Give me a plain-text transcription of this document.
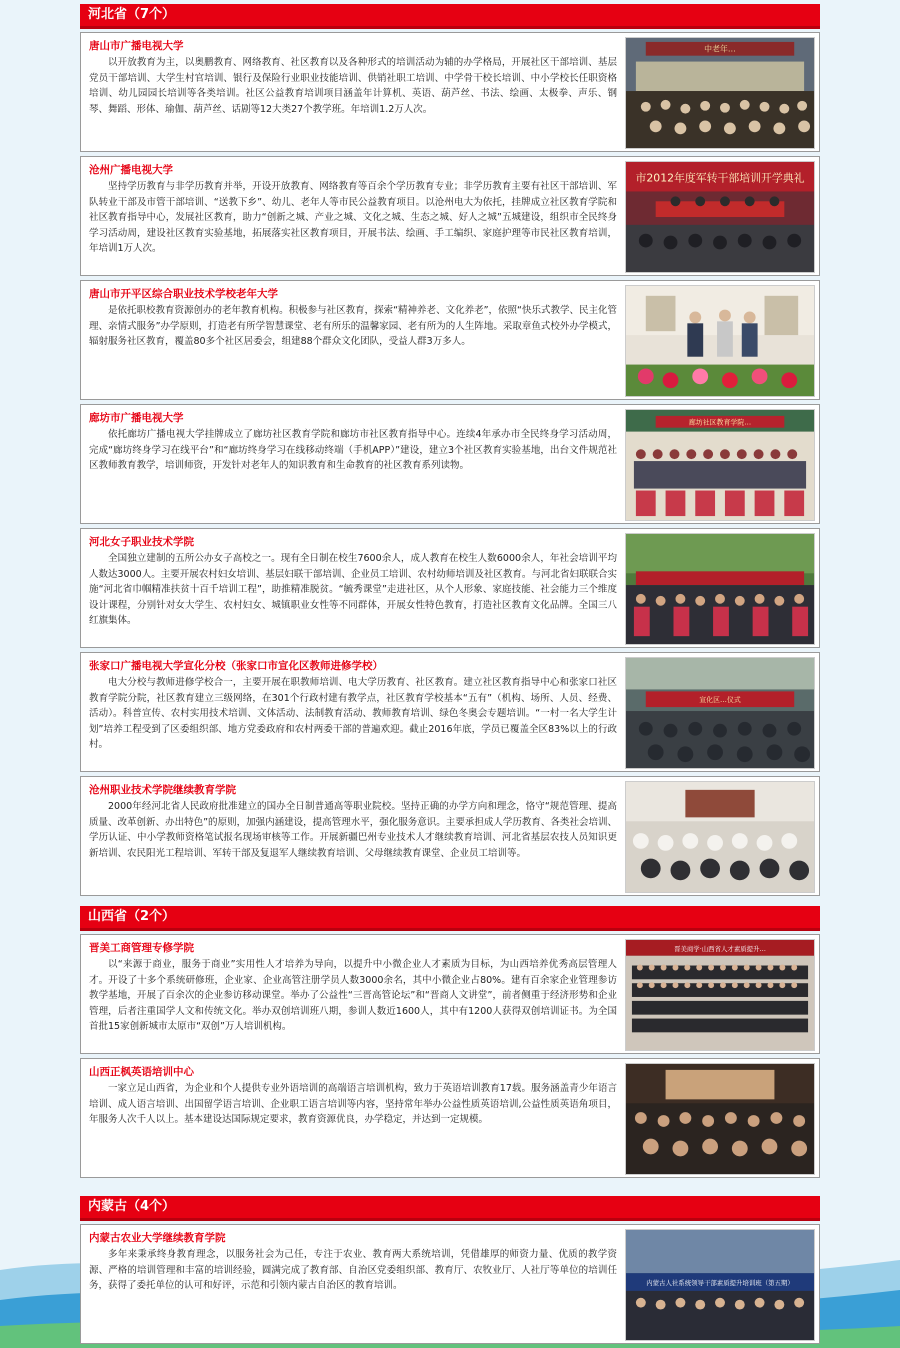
河北省（7个）
唐山市广播电视大学

以开放教育为主，以奥鹏教育、网络教育、社区教育以及各种形式的培训活动为辅的办学格局，开展社区干部培训、基层党员干部培训、大学生村官培训、银行及保险行业职业技能培训、供销社职工培训、中学骨干校长培训、中小学校长任职资格培训、幼儿园园长培训等各类培训。社区公益教育培训项目涵盖年计算机、英语、葫芦丝、书法、绘画、太极拳、声乐、钢琴、舞蹈、形体、瑜伽、葫芦丝、话剧等12大类27个教学班。年培训1.2万人次。

中老年…
沧州广播电视大学

坚持学历教育与非学历教育并举，开设开放教育、网络教育等百余个学历教育专业；非学历教育主要有社区干部培训、军队转业干部及市管干部培训、“送教下乡”、幼儿、老年人等市民公益教育项目。以沧州电大为依托，挂牌成立社区教育学院和社区教育指导中心，发展社区教育，助力“创新之城、产业之城、文化之城、生态之城、好人之城”五城建设，组织市全民终身学习活动周，建设社区教育实验基地，拓展落实社区教育项目，开展书法、绘画、手工编织、家庭护理等市民社区教育培训，年培训1万人次。

市2012年度军转干部培训开学典礼
唐山市开平区综合职业技术学校老年大学

是依托职校教育资源创办的老年教育机构。积极参与社区教育，探索“精神养老、文化养老”，依照“快乐式教学、民主化管理、亲情式服务”办学原则，打造老有所学智慧课堂、老有所乐的温馨家园、老有所为的人生阵地。采取章鱼式校外办学模式，辐射服务社区教育，覆盖80多个社区居委会，组建88个群众文化团队，受益人群3万多人。

廊坊市广播电视大学

依托廊坊广播电视大学挂牌成立了廊坊社区教育学院和廊坊市社区教育指导中心。连续4年承办市全民终身学习活动周，完成“廊坊终身学习在线平台”和“廊坊终身学习在线移动终端（手机APP）”建设，建立3个社区教育实验基地，出台文件规范社区教师教育教学，培训师资，开发针对老年人的知识教育和生命教育的社区教育系列读物。

廊坊社区教育学院…
河北女子职业技术学院

全国独立建制的五所公办女子高校之一。现有全日制在校生7600余人，成人教育在校生人数6000余人，年社会培训平均人数达3000人。主要开展农村妇女培训、基层妇联干部培训、企业员工培训、农村幼师培训及社区教育。与河北省妇联联合实施“河北省巾帼精准扶贫十百千培训工程”，助推精准脱贫。“毓秀课堂”走进社区，从个人形象、家庭技能、社会能力三个维度设计课程，分别针对女大学生、农村妇女、城镇职业女性等不同群体，开展女性特色教育，打造社区教育文化品牌。全国三八红旗集体。

张家口广播电视大学宣化分校（张家口市宣化区教师进修学校）

电大分校与教师进修学校合一，主要开展在职教师培训、电大学历教育、社区教育。建立社区教育指导中心和张家口社区教育学院分院，社区教育建立三级网络，在301个行政村建有教学点，社区教育学校基本“五有”（机构、场所、人员、经费、活动）。科普宣传、农村实用技术培训、文体活动、法制教育活动、教师教育培训、绿色冬奥会专题培训。“一村一名大学生计划”培养工程受到了区委组织部、地方党委政府和农村两委干部的普遍欢迎。截止2016年底，学员已覆盖全区83%以上的行政村。

宣化区…仪式
沧州职业技术学院继续教育学院

2000年经河北省人民政府批准建立的国办全日制普通高等职业院校。坚持正确的办学方向和理念，恪守“规范管理、提高质量、改革创新、办出特色”的原则，加强内涵建设，提高管理水平，强化服务意识。主要承担成人学历教育、各类社会培训、学历认证、中小学教师资格笔试报名现场审核等工作。开展新疆巴州专业技术人才继续教育培训、河北省基层农技人员知识更新培训、农民阳光工程培训、军转干部及复退军人继续教育培训、父母继续教育课堂、企业员工培训等。

山西省（2个）
晋美工商管理专修学院

以“来源于商业，服务于商业”实用性人才培养为导向，以提升中小微企业人才素质为目标，为山西培养优秀高层管理人才。开设了十多个系统研修班，企业家、企业高管注册学员人数3000余名，其中小微企业占80%。建有百余家企业管理参访教学基地，开展了百余次的企业参访移动课堂。举办了公益性“三晋高管论坛”和“晋商人文讲堂”，前者侧重于经济形势和企业管理，后者注重国学人文和传统文化。举办双创培训班八期，参训人数近1600人，其中有1200人获得双创培训证书。为全国首批15家创新城市太原市“双创”万人培训机构。

晋美商学·山西省人才素质提升…
山西正枫英语培训中心

一家立足山西省，为企业和个人提供专业外语培训的高端语言培训机构，致力于英语培训教育17载。服务涵盖青少年语言培训、成人语言培训、出国留学语言培训、企业职工语言培训等内容，坚持常年举办公益性质英语培训,公益性质英语角项目，年服务人次千人以上。基本建设达国际规定要求，教育资源优良，办学稳定，并达到一定规模。

内蒙古（4个）
内蒙古农业大学继续教育学院

多年来秉承终身教育理念，以服务社会为己任，专注于农业、教育两大系统培训，凭借雄厚的师资力量、优质的教学资源、严格的培训管理和丰富的培训经验，圆满完成了教育部、自治区党委组织部、教育厅、农牧业厅、人社厅等单位的培训任务，获得了委托单位的认可和好评，示范和引领内蒙古自治区的教育培训。	内蒙古人社系统领导干部素质提升培训班（第五期）
